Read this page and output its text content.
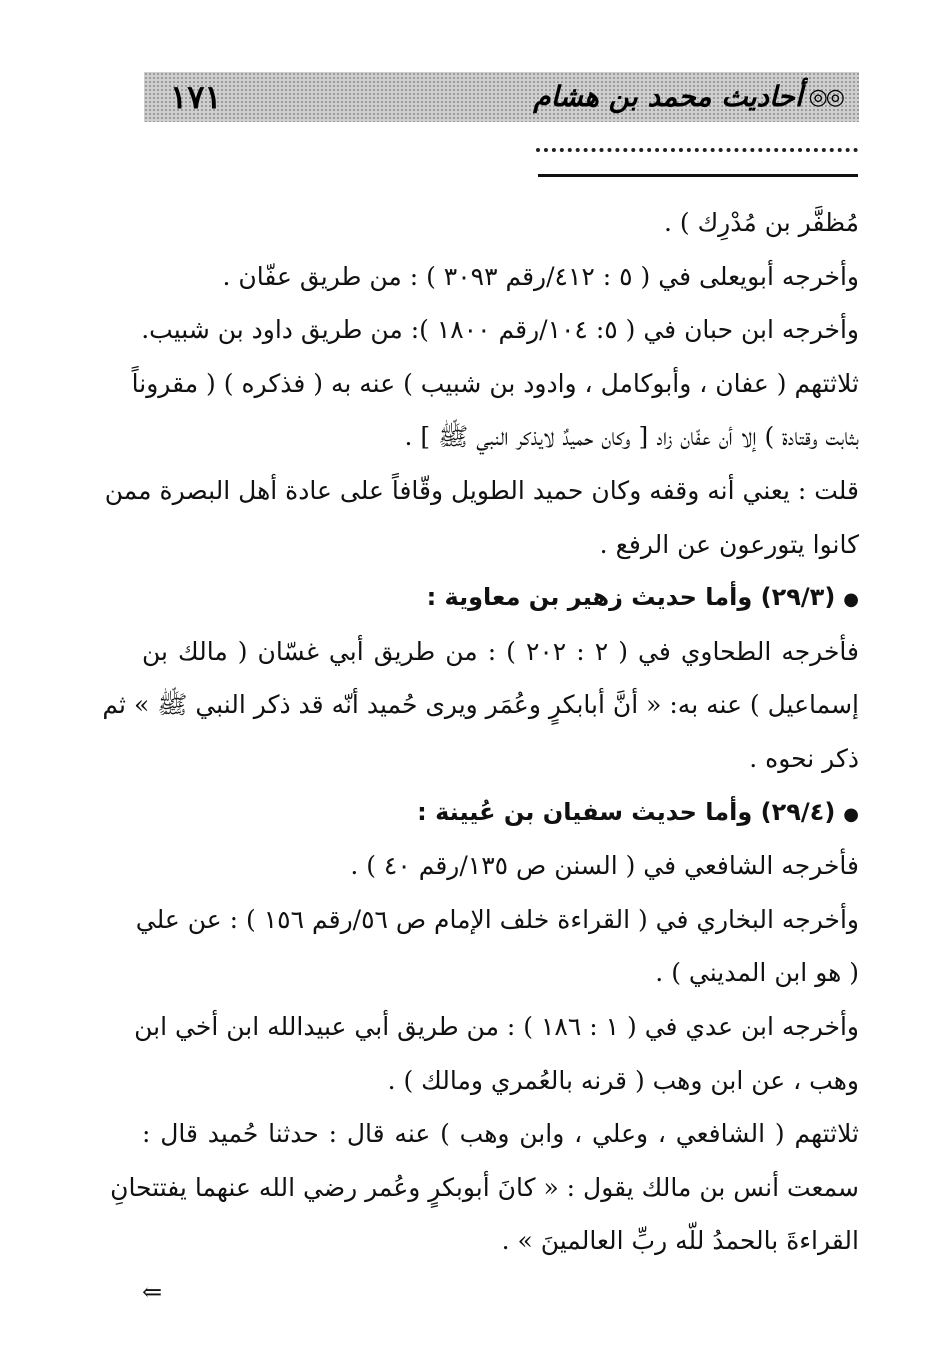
١٧١	◎◎
أحاديث محمد بن هشام
مُظفَّر بن مُدْرِك ) .
وأخرجه أبويعلى في ( ٥ : ٤١٢/رقم ٣٠٩٣ ) : من طريق عفّان .
وأخرجه ابن حبان في ( ٥: ١٠٤/رقم ١٨٠٠ ): من طريق داود بن شبيب.
ثلاثتهم ( عفان ، وأبوكامل ، وادود بن شبيب ) عنه به ( فذكره ) ( مقروناً
بثابت وقتادة ) إلا أن عفّان زاد [ وكان حميدٌ لايذكر النبي ﷺ ] .
قلت : يعني أنه وقفه وكان حميد الطويل وقّافاً على عادة أهل البصرة ممن
كانوا يتورعون عن الرفع .
●(٢٩/٣) وأما حديث زهير بن معاوية :
فأخرجه الطحاوي في ( ٢ : ٢٠٢ ) : من طريق أبي غسّان ( مالك بن
إسماعيل ) عنه به: « أنَّ أبابكرٍ وعُمَر ويرى حُميد أنّه قد ذكر النبي ﷺ » ثم
ذكر نحوه .
●(٢٩/٤) وأما حديث سفيان بن عُيينة :
فأخرجه الشافعي في ( السنن ص ١٣٥/رقم ٤٠ ) .
وأخرجه البخاري في ( القراءة خلف الإمام ص ٥٦/رقم ١٥٦ ) : عن علي
( هو ابن المديني ) .
وأخرجه ابن عدي في ( ١ : ١٨٦ ) : من طريق أبي عبيدالله ابن أخي ابن
وهب ، عن ابن وهب ( قرنه بالعُمري ومالك ) .
ثلاثتهم ( الشافعي ، وعلي ، وابن وهب ) عنه قال : حدثنا حُميد قال :
سمعت أنس بن مالك يقول : « كانَ أبوبكرٍ وعُمر رضي الله عنهما يفتتحانِ
القراءةَ بالحمدُ للّه ربِّ العالمينَ » .
⇐
